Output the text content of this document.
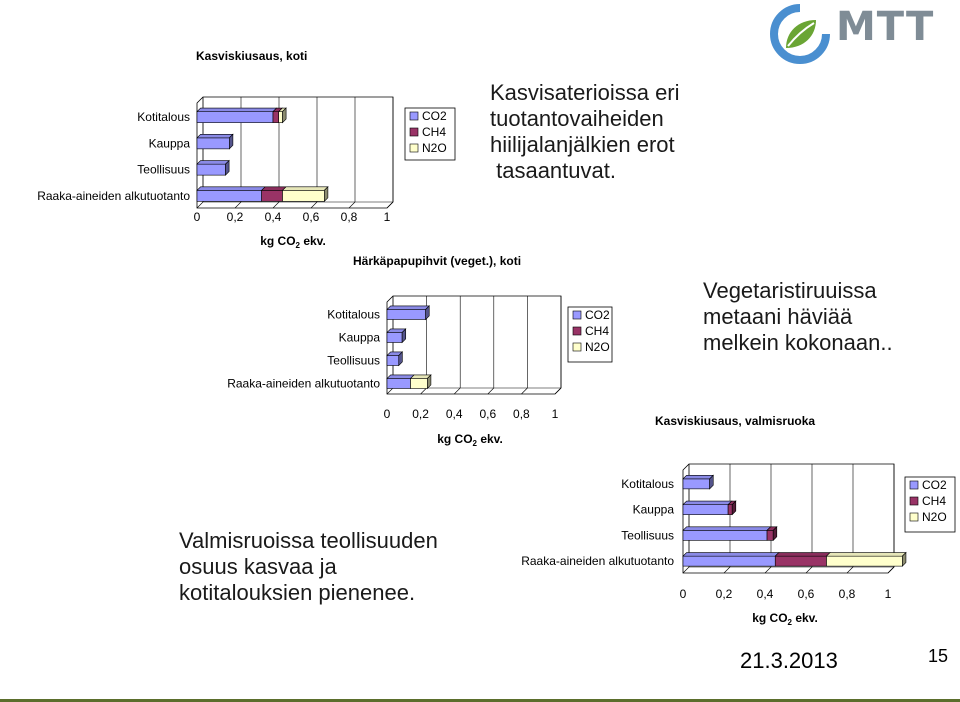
MTT
Kasvisaterioissa eri
tuotantovaiheiden
hiilijalanjälkien erot
tasaantuvat.
Vegetaristiruuissa
metaani häviää
melkein kokonaan..
Valmisruoissa teollisuuden
osuus kasvaa ja
kotitalouksien pienenee.
21.3.2013	15
Kasviskiusaus, koti
0 0,2 0,4 0,6 0,8 1
kg $CO_2$ ekv.
Kotitalous
Kauppa
Teollisuus
Raaka-aineiden alkutuotanto
CO2
CH4
N2O
Härkäpapupihvit (veget.), koti
0 0,2 0,4 0,6 0,8 1
kg $CO_2$ ekv.
Kotitalous
Kauppa
Teollisuus
Raaka-aineiden alkutuotanto
CO2
CH4
N2O
Kasviskiusaus, valmisruoka
0 0,2 0,4 0,6 0,8 1
kg $CO_2$ ekv.
Kotitalous
Kauppa
Teollisuus
Raaka-aineiden alkutuotanto
CO2
CH4
N2O
